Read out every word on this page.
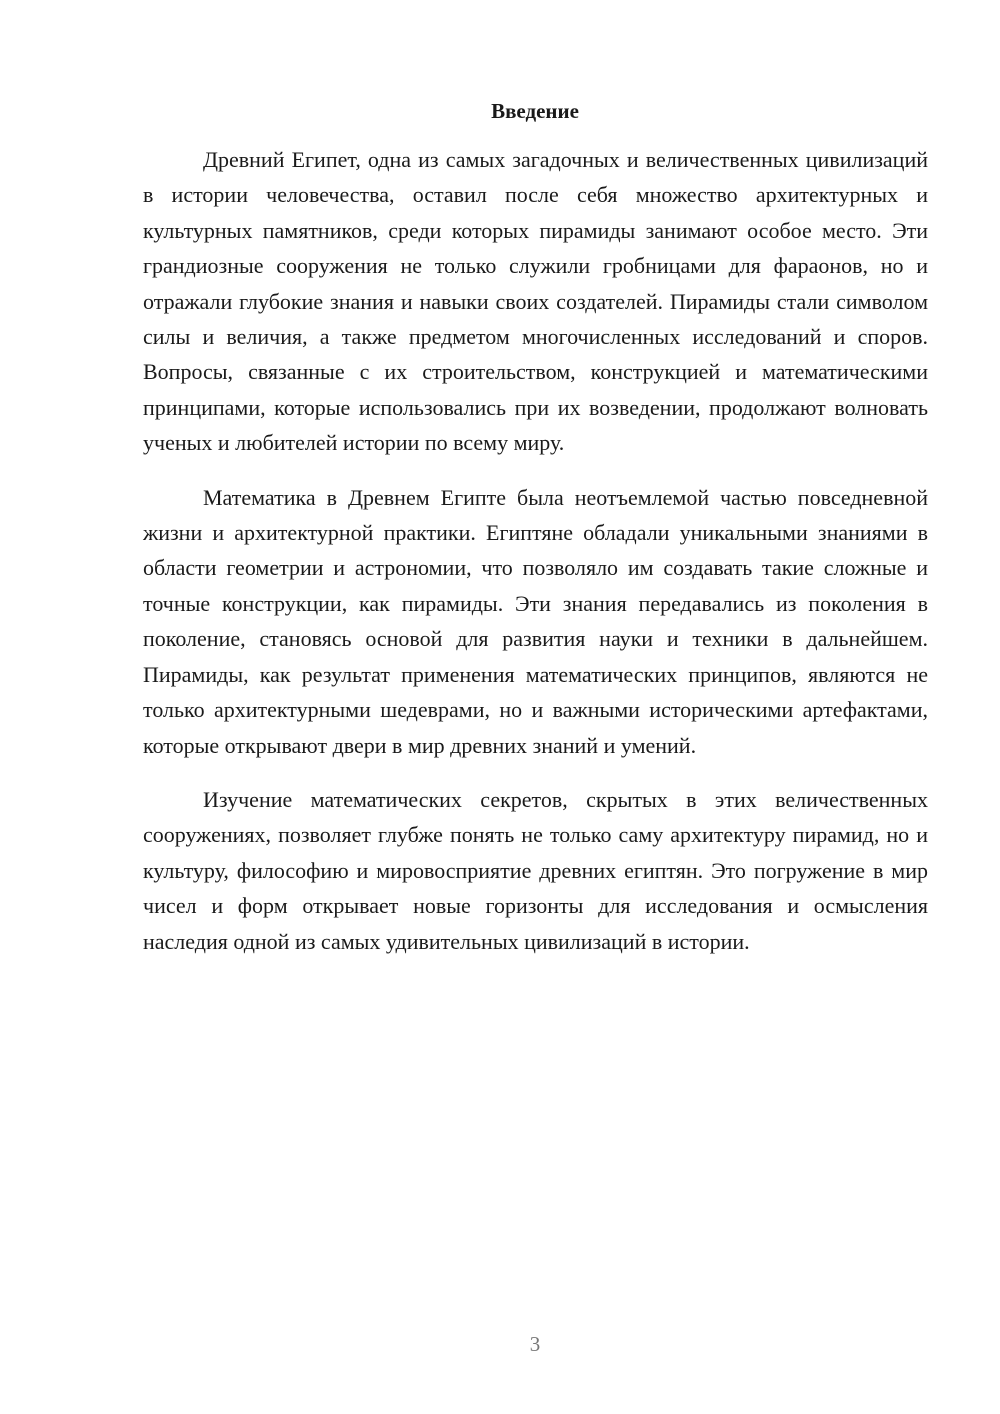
Введение

Древний Египет, одна из самых загадочных и величественных цивилизаций в истории человечества, оставил после себя множество архитектурных и культурных памятников, среди которых пирамиды занимают особое место. Эти грандиозные сооружения не только служили гробницами для фараонов, но и отражали глубокие знания и навыки своих создателей. Пирамиды стали символом силы и величия, а также предметом многочисленных исследований и споров. Вопросы, связанные с их строительством, конструкцией и математическими принципами, которые использовались при их возведении, продолжают волновать ученых и любителей истории по всему миру.

Математика в Древнем Египте была неотъемлемой частью повседневной жизни и архитектурной практики. Египтяне обладали уникальными знаниями в области геометрии и астрономии, что позволяло им создавать такие сложные и точные конструкции, как пирамиды. Эти знания передавались из поколения в поколение, становясь основой для развития науки и техники в дальнейшем. Пирамиды, как результат применения математических принципов, являются не только архитектурными шедеврами, но и важными историческими артефактами, которые открывают двери в мир древних знаний и умений.

Изучение математических секретов, скрытых в этих величественных сооружениях, позволяет глубже понять не только саму архитектуру пирамид, но и культуру, философию и мировосприятие древних египтян. Это погружение в мир чисел и форм открывает новые горизонты для исследования и осмысления наследия одной из самых удивительных цивилизаций в истории.

3
